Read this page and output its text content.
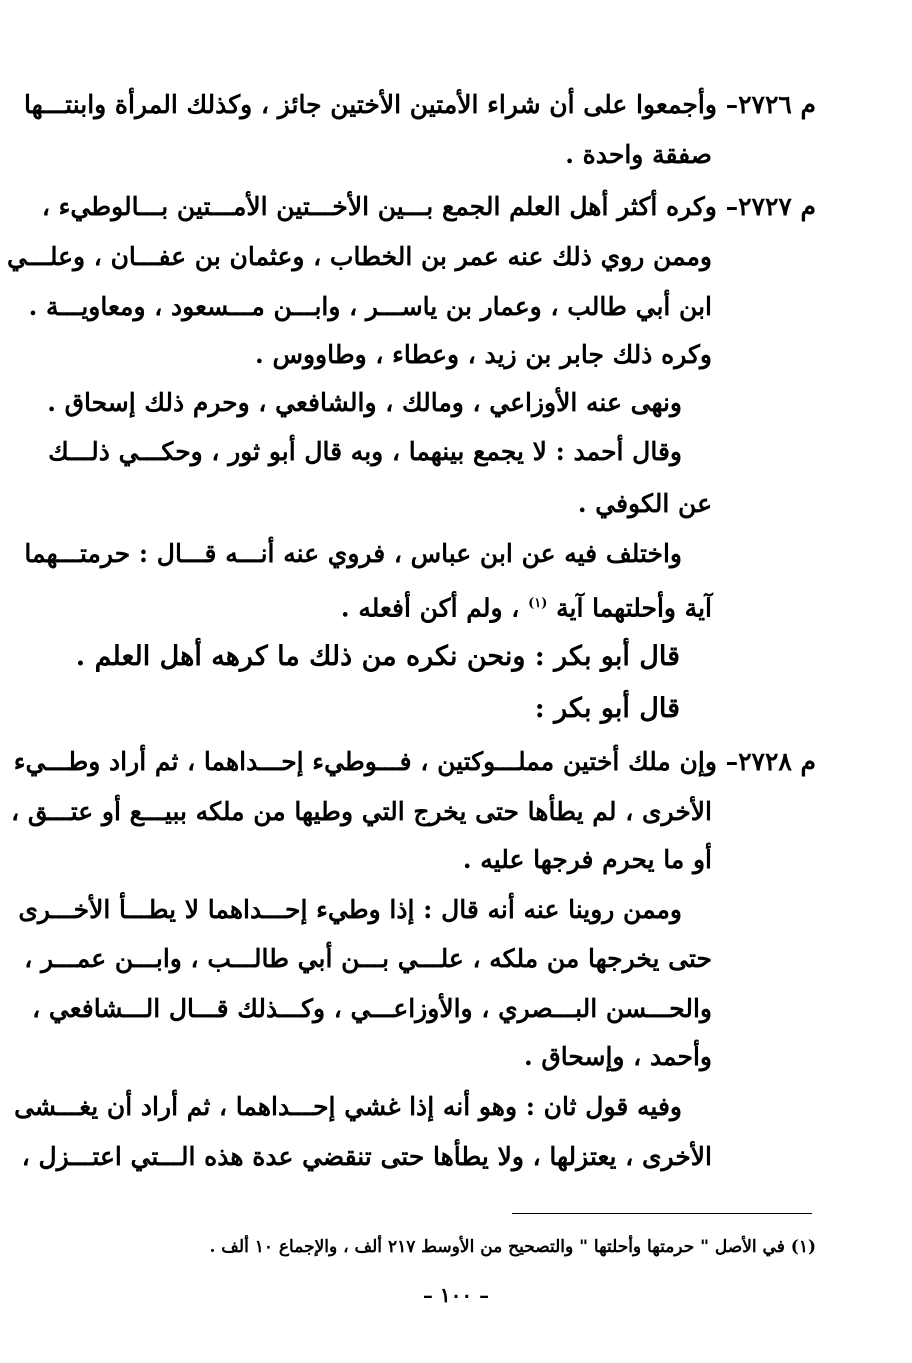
م ٢٧٢٦– وأجمعوا على أن شراء الأمتين الأختين جائز ، وكذلك المرأة وابنتـــها
صفقة واحدة .
م ٢٧٢٧– وكره أكثر أهل العلم الجمع بـــين الأخـــتين الأمـــتين بـــالوطيء ،
وممن روي ذلك عنه عمر بن الخطاب ، وعثمان بن عفـــان ، وعلـــي
ابن أبي طالب ، وعمار بن ياســـر ، وابـــن مـــسعود ، ومعاويـــة .
وكره ذلك جابر بن زيد ، وعطاء ، وطاووس .
ونهى عنه الأوزاعي ، ومالك ، والشافعي ، وحرم ذلك إسحاق .
وقال أحمد : لا يجمع بينهما ، وبه قال أبو ثور ، وحكـــي ذلـــك
عن الكوفي .
واختلف فيه عن ابن عباس ، فروي عنه أنـــه قـــال : حرمتـــهما
آية وأحلتهما آية $^{(١)}$ ، ولم أكن أفعله .
قال أبو بكر : ونحن نكره من ذلك ما كرهه أهل العلم .
قال أبو بكر :
م ٢٧٢٨– وإن ملك أختين مملـــوكتين ، فـــوطيء إحـــداهما ، ثم أراد وطـــيء
الأخرى ، لم يطأها حتى يخرج التي وطيها من ملكه ببيـــع أو عتـــق ،
أو ما يحرم فرجها عليه .
وممن روينا عنه أنه قال : إذا وطيء إحـــداهما لا يطـــأ الأخـــرى
حتى يخرجها من ملكه ، علـــي بـــن أبي طالـــب ، وابـــن عمـــر ،
والحـــسن البـــصري ، والأوزاعـــي ، وكـــذلك قـــال الـــشافعي ،
وأحمد ، وإسحاق .
وفيه قول ثان : وهو أنه إذا غشي إحـــداهما ، ثم أراد أن يغـــشى
الأخرى ، يعتزلها ، ولا يطأها حتى تنقضي عدة هذه الـــتي اعتـــزل ،
(١) في الأصل " حرمتها وأحلتها " والتصحيح من الأوسط ٢١٧ ألف ، والإجماع ١٠ ألف .
– ١٠٠ –
